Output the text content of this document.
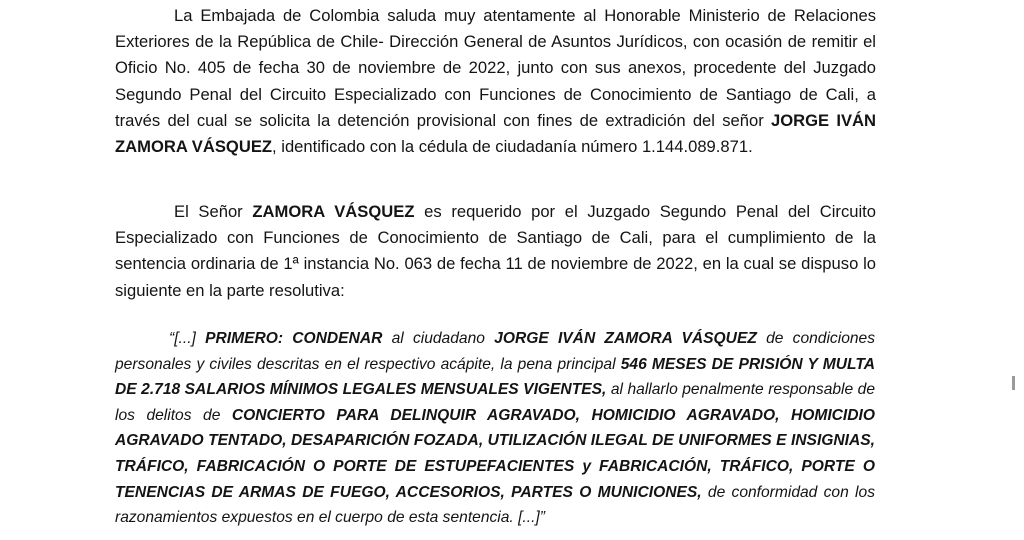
La Embajada de Colombia saluda muy atentamente al Honorable Ministerio de Relaciones Exteriores de la República de Chile- Dirección General de Asuntos Jurídicos, con ocasión de remitir el Oficio No. 405 de fecha 30 de noviembre de 2022, junto con sus anexos, procedente del Juzgado Segundo Penal del Circuito Especializado con Funciones de Conocimiento de Santiago de Cali, a través del cual se solicita la detención provisional con fines de extradición del señor JORGE IVÁN ZAMORA VÁSQUEZ, identificado con la cédula de ciudadanía número 1.144.089.871.

El Señor ZAMORA VÁSQUEZ es requerido por el Juzgado Segundo Penal del Circuito Especializado con Funciones de Conocimiento de Santiago de Cali, para el cumplimiento de la sentencia ordinaria de 1ª instancia No. 063 de fecha 11 de noviembre de 2022, en la cual se dispuso lo siguiente en la parte resolutiva:

“[...] PRIMERO: CONDENAR al ciudadano JORGE IVÁN ZAMORA VÁSQUEZ de condiciones personales y civiles descritas en el respectivo acápite, la pena principal 546 MESES DE PRISIÓN Y MULTA DE 2.718 SALARIOS MÍNIMOS LEGALES MENSUALES VIGENTES, al hallarlo penalmente responsable de los delitos de CONCIERTO PARA DELINQUIR AGRAVADO, HOMICIDIO AGRAVADO, HOMICIDIO AGRAVADO TENTADO, DESAPARICIÓN FOZADA, UTILIZACIÓN ILEGAL DE UNIFORMES E INSIGNIAS, TRÁFICO, FABRICACIÓN O PORTE DE ESTUPEFACIENTES y FABRICACIÓN, TRÁFICO, PORTE O TENENCIAS DE ARMAS DE FUEGO, ACCESORIOS, PARTES O MUNICIONES, de conformidad con los razonamientos expuestos en el cuerpo de esta sentencia. [...]”
